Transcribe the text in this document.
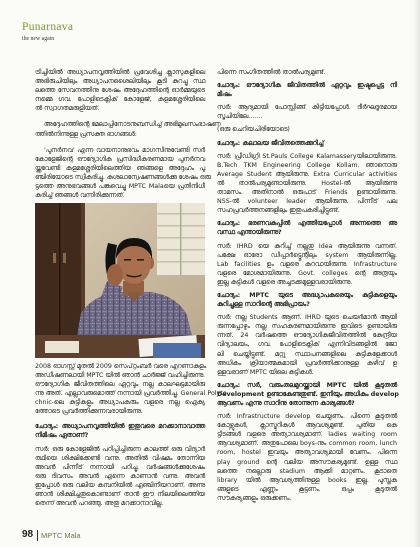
Punarnava
the new again
ട്രിച്ചിയിൽ അധ്യാപനവൃത്തിയിൽ പ്രവേശിച്ച ക്ലാസുകളിലെ
അഭിരുചിയിലും അധ്യാപനശൈലിയിലും കൂടി കുറച്ചു സ്ഥ
ലത്തെ സേവനത്തിനു ശേഷം അദ്ദേഹത്തിന്റെ ഓർമ്മയുടെ
നമ്മെ ഗവ. പോളിടെക്നിക് കോളേജ്, കളമശ്ശേരിയിലെ
ൽ സ്വാഗതമരുളിയത്.
അദ്ദേഹത്തിന്റെ മേലാപ്പിനോടനുബന്ധിച്ച് അഭിമുഖസംഭാഷണ
ത്തിൽനിന്നുള്ള പ്രസക്ത ഭാഗങ്ങൾ:
'പുനർനവ' എന്ന വായനാനുഭവം മാഗസിനുവേണ്ടി സർ
കോളേജിന്റെ ഔദ്യോഗിക പ്രസിദ്ധീകരണമായ പുനർനവ
യ്ക്കുവേണ്ടി കളമശ്ശേരിയിലെത്തിയ ഞങ്ങളെ അദ്ദേഹം പു
ഞ്ചിരിയോടെ സ്വീകരിച്ചു. കുശലാന്വേഷണങ്ങൾക്കു ശേഷം ഒരു
ട്ടത്തെ അനുഭവങ്ങൾ പങ്കുവെച്ചു MPTC Malaയെ പ്രതിനിധീ
കരിച്ച് ഞങ്ങൾ വന്നിരിക്കുന്നത്.
2008 ഓഗസ്റ്റ് മുതൽ 2009 സെപ്റ്റംബർ വരെ എറണാകുളം
അഡീഷണലായി MPTC യിൽ ഞാൻ ചാർജ്ജ് വഹിച്ചിരുന്നു.
ഔദ്യോഗിക ജീവിതത്തിലെ ഏറ്റവും നല്ല കാലഘട്ടമായിരു
ന്നു അത്. എല്ലാവരുമൊത്ത് നന്നായി പ്രവർത്തിച്ചു. General Polyte
chnic-ലെ കുട്ടികളും അധ്യാപകരും വളരെ നല്ല ഐക്യ
ത്തോടെ പ്രവർത്തിക്കുന്നവരായിരുന്നു.
ചോദ്യം: അധ്യാപനവൃത്തിയിൽ ഇതുവരെ മറക്കാനാവാത്ത
നിമിഷം ഏതാണ്?
സർ: ഒരു കോളേജിൽ പഠിപ്പിച്ചിരുന്ന കാലത്ത് ഒരു വിദ്യാർ
ത്ഥിയെ ശിക്ഷിക്കേണ്ടി വന്നു. അതിൽ വിഷമം തോന്നിയ
അവൻ പിന്നീട് നന്നായി പഠിച്ചു. വർഷങ്ങൾക്കുശേഷം
ഒരു ദിവസം അവൻ എന്നെ കാണാൻ വന്നു. അവൻ
ഇപ്പോൾ ഒരു വലിയ കമ്പനിയിൽ എഞ്ചിനീയറാണ്. അന്നു
ഞാൻ ശിക്ഷിച്ചതുകൊണ്ടാണ് താൻ ഈ നിലയിലെത്തിയ
തെന്ന് അവൻ പറഞ്ഞു. അതു മറക്കാനാവില്ല.
പിന്നെ സംഗീതത്തിൽ താൽപര്യമുണ്ട്.
ചോദ്യം: ഔദ്യോഗിക ജീവിതത്തിൽ ഏറ്റവും ഇഷ്ടപ്പെട്ട നി
മിഷം
സർ: ആദ്യമായി പോസ്റ്റിങ്ങ് കിട്ടിയപ്പോൾ. ദീർഘദൂരമായ
സൂചിയിലേ.......
(ഒരു ചെറിയചിരിയോടെ)
ചോദ്യം: കലാലയ ജീവിതത്തെക്കുറിച്ച്
സർ: പ്രീഡിഗ്രി St.Pauls College Kalamasseryയിലായിരുന്നു.
B.Tech TKM Engineering College Kollam. ഞാനൊരു
Average Student ആയിരുന്നു. Extra Curricular activities
ൽ താൽപര്യമുണ്ടായിരുന്നു. Hostel-ൽ ആയിരുന്നു
താമസം. അതിനാൽ ഒരുപാട് Friends ഉണ്ടായിരുന്നു.
NSS-ൽ volunteer leader ആയിരുന്നു. പിന്നീട് പല
സഹപ്രവർത്തനങ്ങളിലും ഇതുപകരിച്ചിട്ടുണ്ട്.
ചോദ്യം: ഭരണവകുപ്പിൽ എത്തിയപ്പോൾ അന്നത്തെ അ
വസ്ഥ എന്തായിരുന്നു?
സർ: IHRD യെ കുറിച്ച് നല്ലതു Idea ആയിരുന്നു വന്നത്.
പക്ഷേ ഓരോ ഡിപ്പാർട്ട്മെന്റിലും system ആയിരുന്നില്ല.
Lab facilities ഉം വളരെ കുറവായിരുന്നു. Infrastructure
വളരെ മോശമായിരുന്നു. Govt. colleges ന്റെ അത്രയും
ഇല്ല കുട്ടികൾ വളരെ അച്ചടക്കമുള്ളവരായിരുന്നു.
ചോദ്യം: MPTC യുടെ അദ്ധ്യാപകരെയും കുട്ടികളെയും
കുറിച്ചുള്ള സാറിന്റെ അഭിപ്രായം?
സർ: നല്ല Students ആണ്. IHRD യുടെ ചെയർമാൻ ആയി
രുന്നപ്പോഴും നല്ല സഹകരണമായിരുന്നു ഇവിടെ ഉണ്ടായിരു
ന്നത്. 24 വർഷത്തെ ഔദ്യോഗികജീവിതത്തിൽ കേന്ദ്രീയ
വിദ്യാലയം, ഗവ. പോളിടെക്നിക് എന്നിവിടങ്ങളിൽ ജോ
ലി ചെയ്തിട്ടുണ്ട്. മറ്റു സ്ഥാപനങ്ങളിലെ കുട്ടികളേക്കാൾ
അധികം ക്രിയാത്മകമായി പ്രവർത്തിക്കാനുള്ള കഴിവ് ഉ
ള്ളവരാണ് MPTC യിലെ കുട്ടികൾ.
ചോദ്യം: സർ, വരുംതലമുറയ്ക്കായി MPTC യിൽ കൂടുതൽ
Development ഉണ്ടാകേണ്ടതുണ്ട്. ഇനിയും അധികം develop
ആവണം എന്നു സാറിനു തോന്നുന്ന കാര്യങ്ങൾ?
സർ: Infrastructure develop ചെയ്യണം. പിന്നെ കൂടുതൽ
കോഴ്സുകൾ, ക്ലാസ്മുറികൾ ആവശ്യമുണ്ട്. പുതിയ കെ
ട്ടിടങ്ങൾ വളരെ അത്യാവശ്യമാണ്. ladies waiting room
ആവശ്യമാണ്. അതുപോലെ boys-നും common room, lunch
room, hostel ഇവയും അത്യാവശ്യമായി വേണം. പിന്നെ
play ground ന്റെ വലിയ അസൗകര്യമുണ്ട്. ഉള്ള സ്ഥ
ലത്തെ നല്ലൊരു stadium ആക്കി മാറ്റണം. കൂടാതെ
library യിൽ ആവശ്യത്തിനുള്ള books ഇല്ല. പുസ്തക
ങ്ങളുടെ എണ്ണം കൂട്ടണം. ഒപ്പം കൂടുതൽ
സൗകര്യങ്ങളും ഒരുക്കണം.
98 MPTC Mala
